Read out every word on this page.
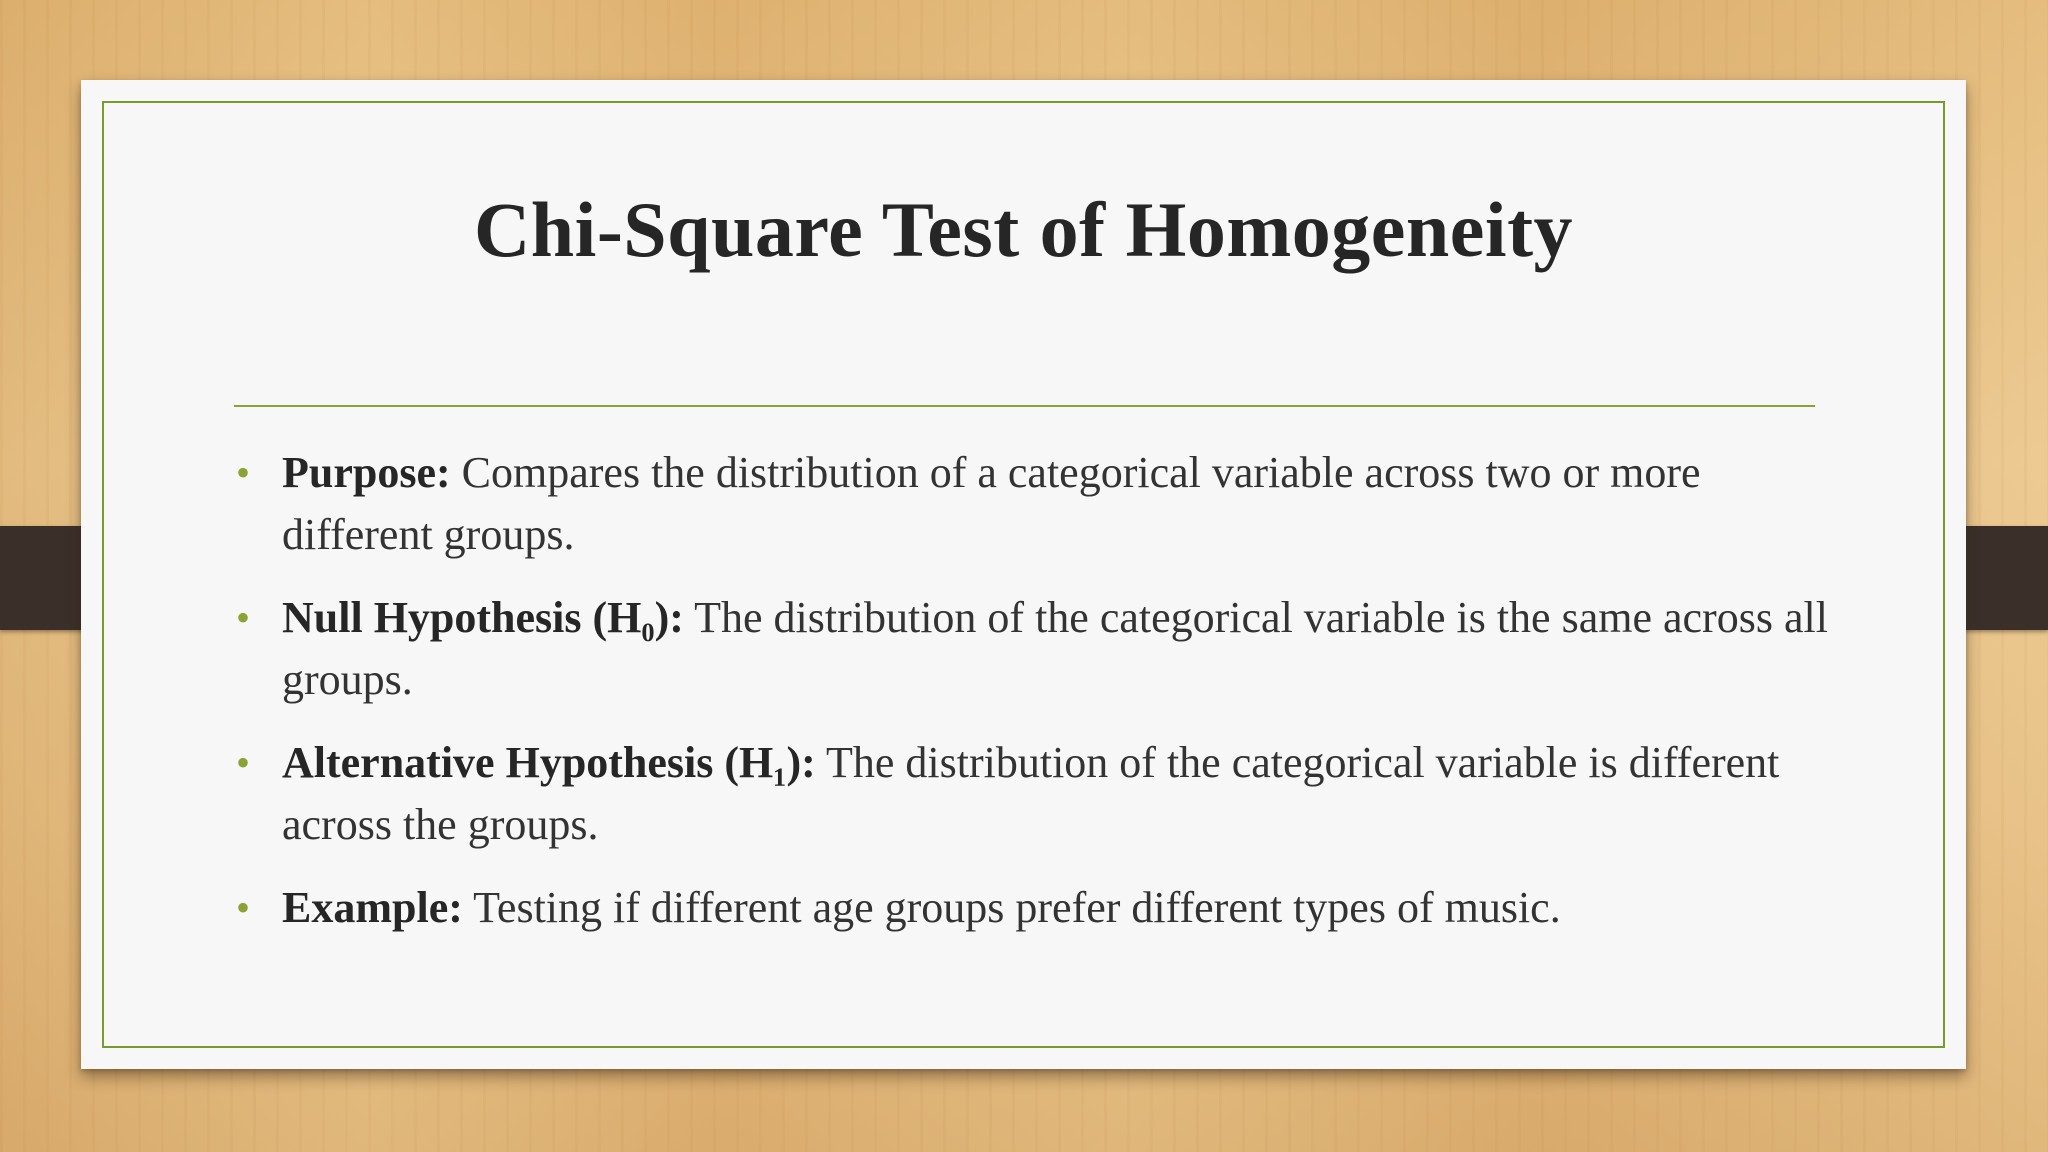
Chi-Square Test of Homogeneity
• Purpose: Compares the distribution of a categorical variable across two or more different groups.
• Null Hypothesis (H₀): The distribution of the categorical variable is the same across all groups.
• Alternative Hypothesis (H₁): The distribution of the categorical variable is different across the groups.
• Example: Testing if different age groups prefer different types of music.
